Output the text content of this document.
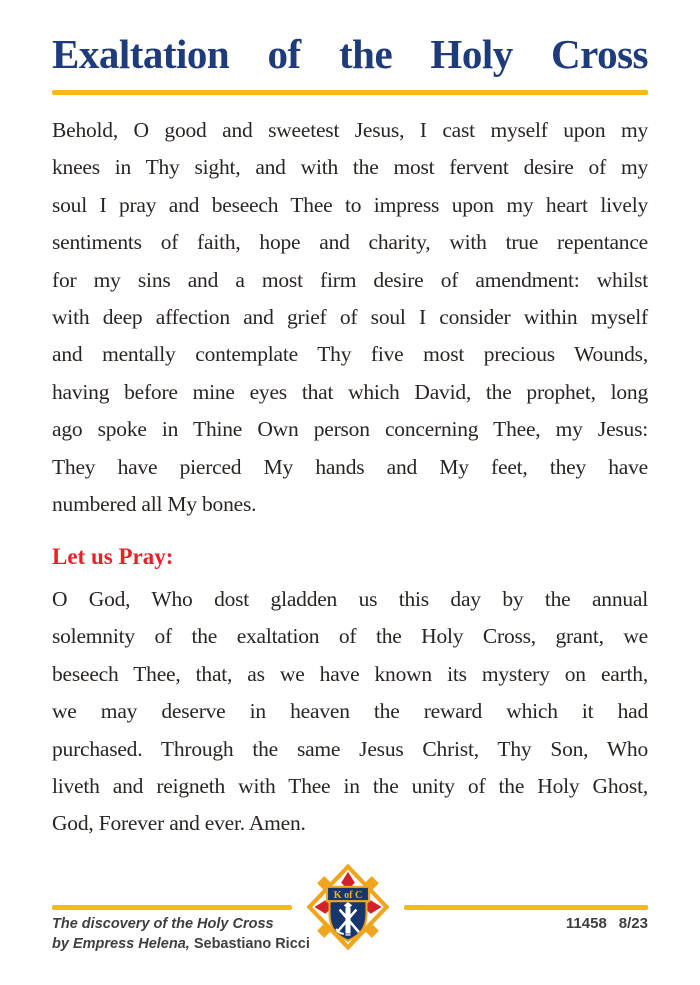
Exaltation of the Holy Cross
Behold, O good and sweetest Jesus, I cast myself upon my
knees in Thy sight, and with the most fervent desire of my
soul I pray and beseech Thee to impress upon my heart lively
sentiments of faith, hope and charity, with true repentance
for my sins and a most firm desire of amendment: whilst
with deep affection and grief of soul I consider within myself
and mentally contemplate Thy five most precious Wounds,
having before mine eyes that which David, the prophet, long
ago spoke in Thine Own person concerning Thee, my Jesus:
They have pierced My hands and My feet, they have
numbered all My bones.
Let us Pray:
O God, Who dost gladden us this day by the annual
solemnity of the exaltation of the Holy Cross, grant, we
beseech Thee, that, as we have known its mystery on earth,
we may deserve in heaven the reward which it had
purchased. Through the same Jesus Christ, Thy Son, Who
liveth and reigneth with Thee in the unity of the Holy Ghost,
God, Forever and ever. Amen.
K of C
The discovery of the Holy Cross
by Empress Helena, Sebastiano Ricci
11458 8/23
